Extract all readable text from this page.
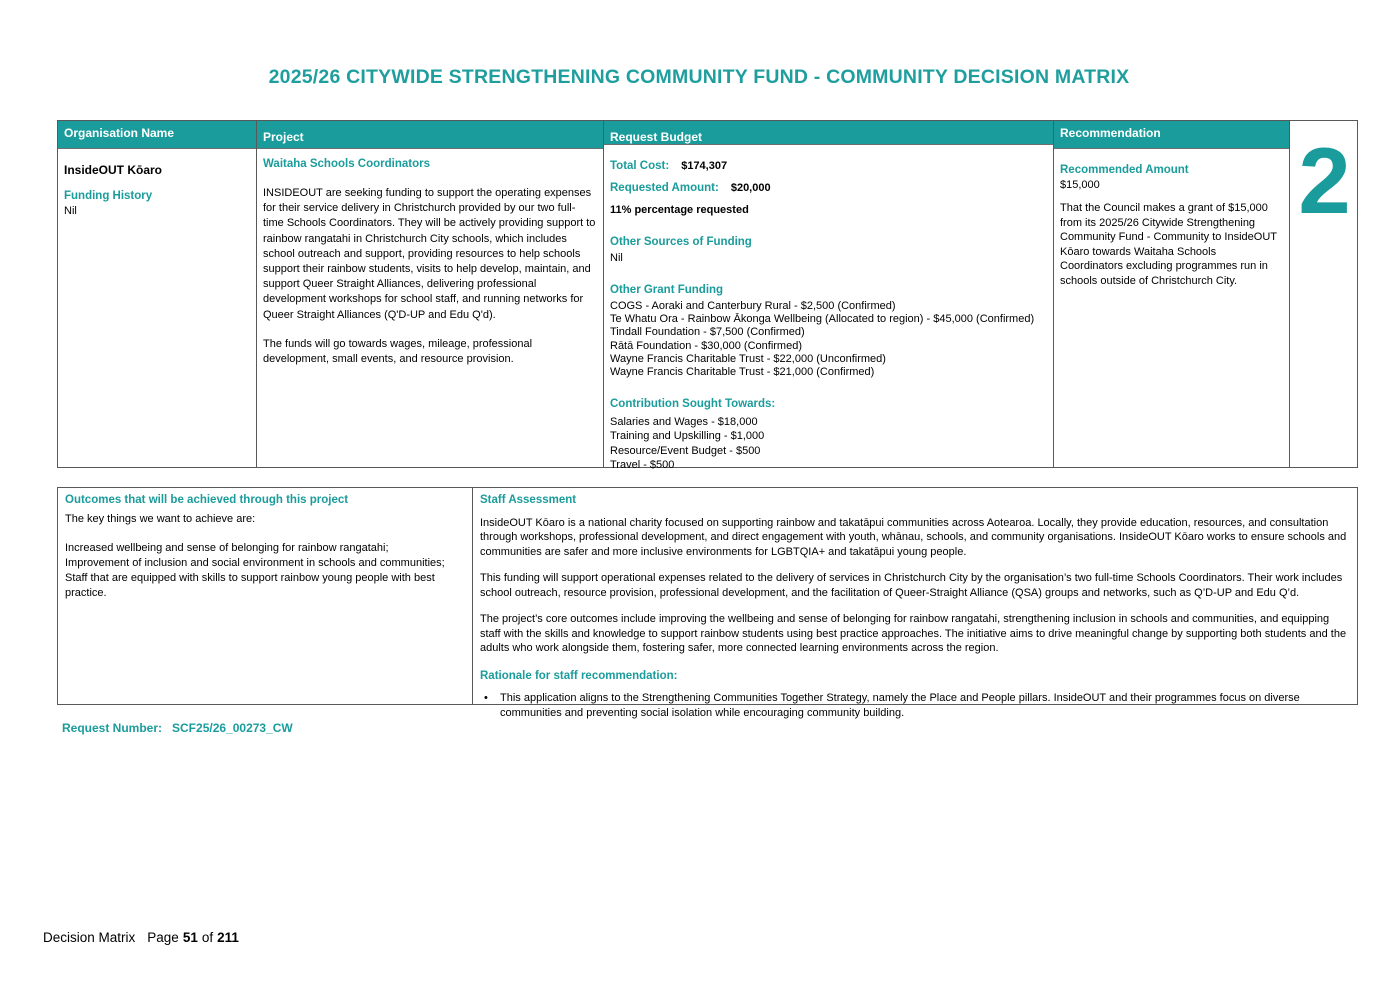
2025/26 CITYWIDE STRENGTHENING COMMUNITY FUND - COMMUNITY DECISION MATRIX
Organisation Name
InsideOUT Kōaro
Funding History
Nil
Project
Waitaha Schools Coordinators
INSIDEOUT are seeking funding to support the operating expenses for their service delivery in Christchurch provided by our two full-time Schools Coordinators. They will be actively providing support to rainbow rangatahi in Christchurch City schools, which includes school outreach and support, providing resources to help schools support their rainbow students, visits to help develop, maintain, and support Queer Straight Alliances, delivering professional development workshops for school staff, and running networks for Queer Straight Alliances (Q'D-UP and Edu Q'd).
The funds will go towards wages, mileage, professional development, small events, and resource provision.
Request Budget
Total Cost: $174,307
Requested Amount: $20,000
11% percentage requested
Other Sources of Funding
Nil
Other Grant Funding
COGS - Aoraki and Canterbury Rural - $2,500 (Confirmed)
Te Whatu Ora - Rainbow Ākonga Wellbeing (Allocated to region) - $45,000 (Confirmed)
Tindall Foundation - $7,500 (Confirmed)
Rātā Foundation - $30,000 (Confirmed)
Wayne Francis Charitable Trust - $22,000 (Unconfirmed)
Wayne Francis Charitable Trust - $21,000 (Confirmed)
Contribution Sought Towards:
Salaries and Wages - $18,000
Training and Upskilling - $1,000
Resource/Event Budget - $500
Travel - $500
Recommendation
Recommended Amount
$15,000
That the Council makes a grant of $15,000 from its 2025/26 Citywide Strengthening Community Fund - Community to InsideOUT Kōaro towards Waitaha Schools Coordinators excluding programmes run in schools outside of Christchurch City.
2
Outcomes that will be achieved through this project
The key things we want to achieve are:
Increased wellbeing and sense of belonging for rainbow rangatahi;
Improvement of inclusion and social environment in schools and communities;
Staff that are equipped with skills to support rainbow young people with best practice.
Staff Assessment
InsideOUT Kōaro is a national charity focused on supporting rainbow and takatāpui communities across Aotearoa. Locally, they provide education, resources, and consultation through workshops, professional development, and direct engagement with youth, whānau, schools, and community organisations. InsideOUT Kōaro works to ensure schools and communities are safer and more inclusive environments for LGBTQIA+ and takatāpui young people.
This funding will support operational expenses related to the delivery of services in Christchurch City by the organisation’s two full-time Schools Coordinators. Their work includes school outreach, resource provision, professional development, and the facilitation of Queer-Straight Alliance (QSA) groups and networks, such as Q’D-UP and Edu Q’d.
The project’s core outcomes include improving the wellbeing and sense of belonging for rainbow rangatahi, strengthening inclusion in schools and communities, and equipping staff with the skills and knowledge to support rainbow students using best practice approaches. The initiative aims to drive meaningful change by supporting both students and the adults who work alongside them, fostering safer, more connected learning environments across the region.
Rationale for staff recommendation:
•
This application aligns to the Strengthening Communities Together Strategy, namely the Place and People pillars. InsideOUT and their programmes focus on diverse communities and preventing social isolation while encouraging community building.
Request Number: SCF25/26_00273_CW
Decision Matrix Page 51 of 211
